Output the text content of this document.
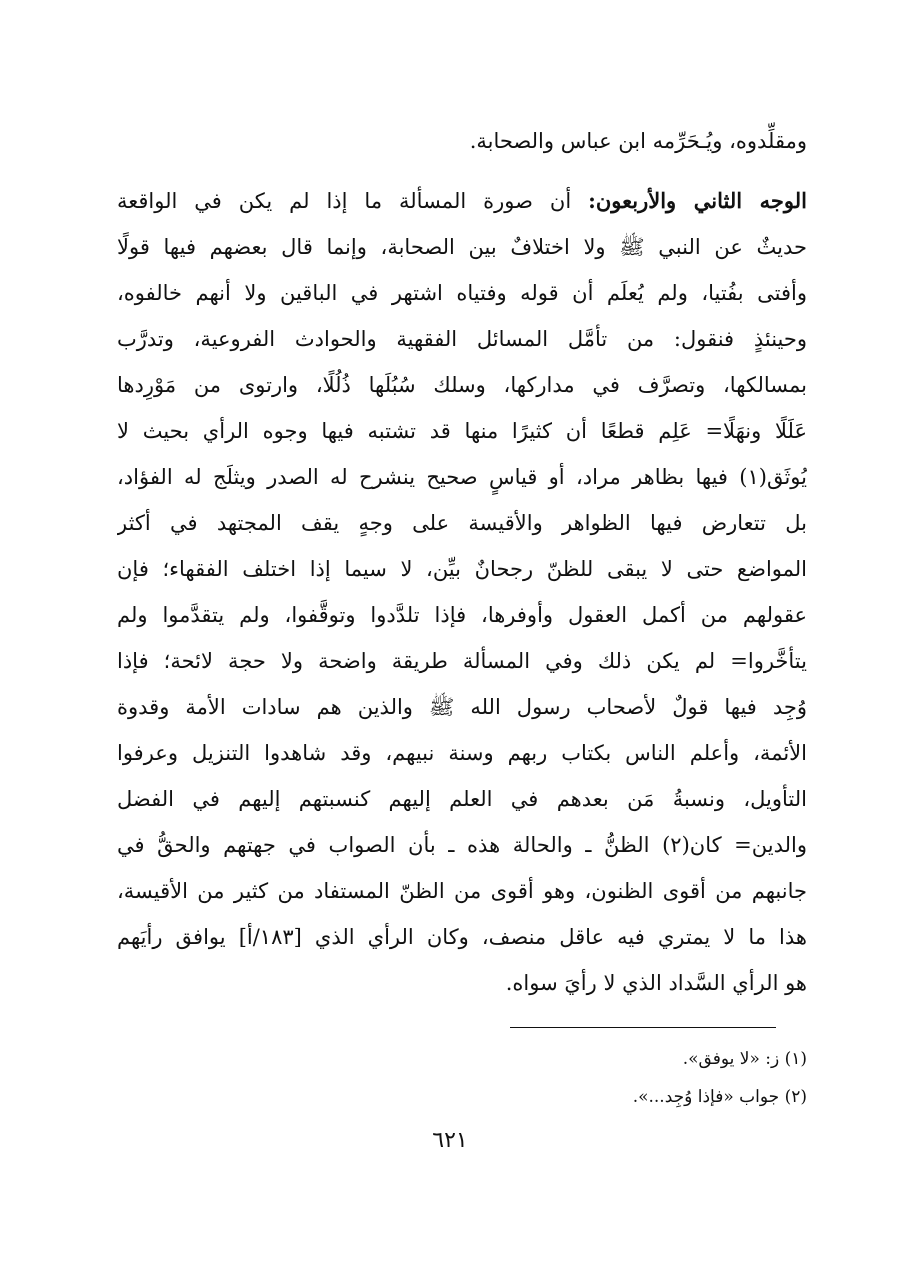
ومقلِّدوه، ويُـحَرِّمه ابن عباس والصحابة.
الوجه الثاني والأربعون: أن صورة المسألة ما إذا لم يكن في الواقعة
حديثٌ عن النبي ﷺ ولا اختلافٌ بين الصحابة، وإنما قال بعضهم فيها قولًا
وأفتى بفُتيا، ولم يُعلَم أن قوله وفتياه اشتهر في الباقين ولا أنهم خالفوه،
وحينئذٍ فنقول: من تأمَّل المسائل الفقهية والحوادث الفروعية، وتدرَّب
بمسالكها، وتصرَّف في مداركها، وسلك سُبُلَها ذُلُلًا، وارتوى من مَوْرِدها
عَلَلًا ونهَلًا= عَلِم قطعًا أن كثيرًا منها قد تشتبه فيها وجوه الرأي بحيث لا
يُوثَق(١) فيها بظاهر مراد، أو قياسٍ صحيح ينشرح له الصدر ويثلَج له الفؤاد،
بل تتعارض فيها الظواهر والأقيسة على وجهٍ يقف المجتهد في أكثر
المواضع حتى لا يبقى للظنّ رجحانٌ بيِّن، لا سيما إذا اختلف الفقهاء؛ فإن
عقولهم من أكمل العقول وأوفرها، فإذا تلدَّدوا وتوقَّفوا، ولم يتقدَّموا ولم
يتأخَّروا= لم يكن ذلك وفي المسألة طريقة واضحة ولا حجة لائحة؛ فإذا
وُجِد فيها قولٌ لأصحاب رسول الله ﷺ والذين هم سادات الأمة وقدوة
الأئمة، وأعلم الناس بكتاب ربهم وسنة نبيهم، وقد شاهدوا التنزيل وعرفوا
التأويل، ونسبةُ مَن بعدهم في العلم إليهم كنسبتهم إليهم في الفضل
والدين= كان(٢) الظنُّ ـ والحالة هذه ـ بأن الصواب في جهتهم والحقُّ في
جانبهم من أقوى الظنون، وهو أقوى من الظنّ المستفاد من كثير من الأقيسة،
هذا ما لا يمتري فيه عاقل منصف، وكان الرأي الذي [١٨٣/أ] يوافق رأيَهم
هو الرأي السَّداد الذي لا رأيَ سواه.
(١) ز: «لا يوفق».
(٢) جواب «فإذا وُجِد...».
٦٢١
